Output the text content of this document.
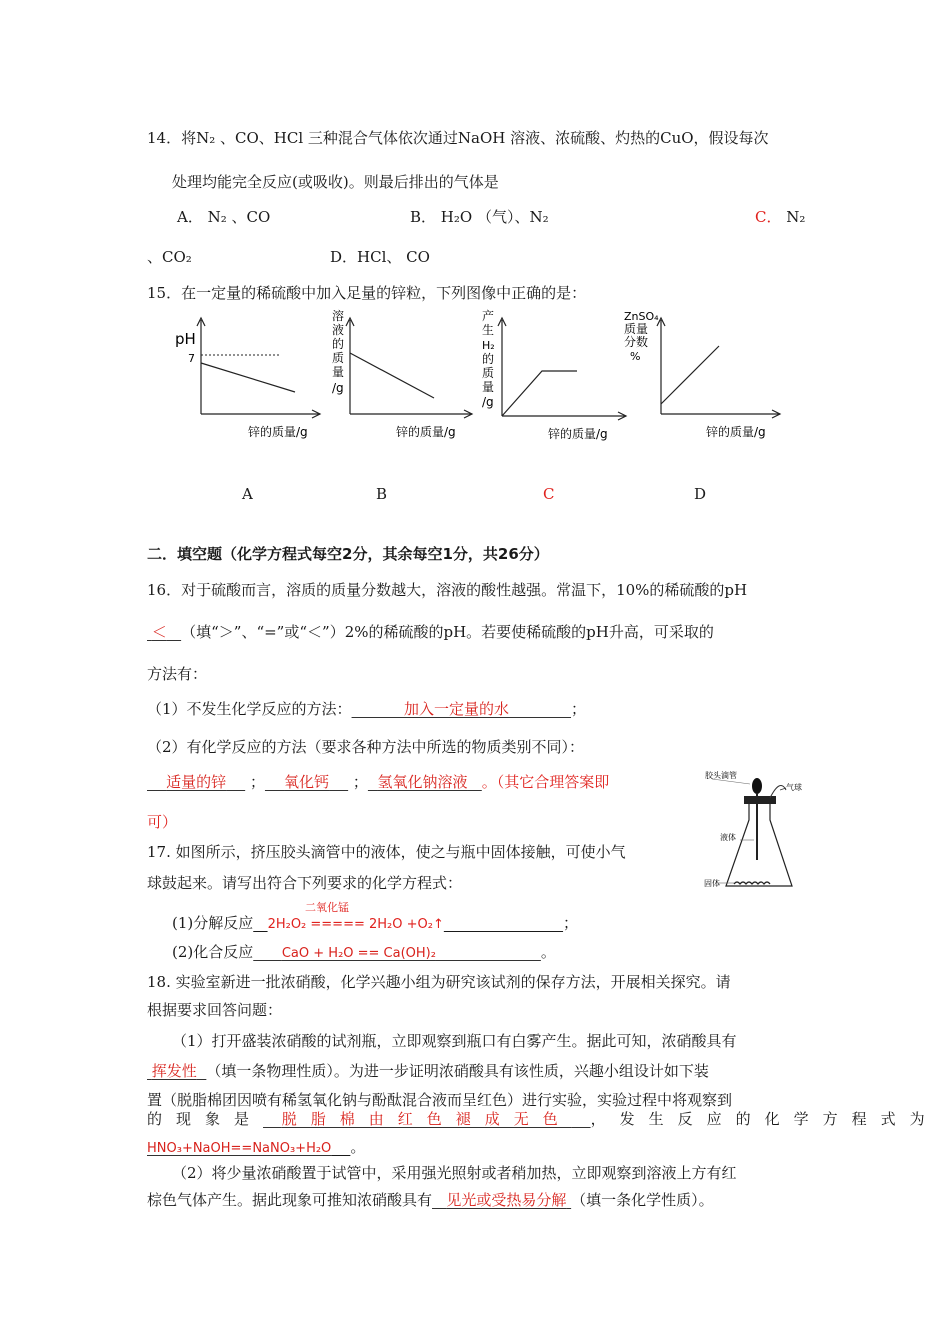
14．将N₂ 、CO、HCl 三种混合气体依次通过NaOH 溶液、浓硫酸、灼热的CuO，假设每次
处理均能完全反应(或吸收)。则最后排出的气体是
A． N₂ 、CO	B． H₂O （气）、N₂	C． N₂
、CO₂	D．HCl、 CO
15．在一定量的稀硫酸中加入足量的锌粒，下列图像中正确的是：
pH
7
锌的质量/g
溶
液
的
质
量
/g
锌的质量/g
产
生
H₂
的
质
量
/g
锌的质量/g
ZnSO₄
质量
分数
%
锌的质量/g
A	B	C	D
二．填空题（化学方程式每空2分，其余每空1分，共26分）
16．对于硫酸而言，溶质的质量分数越大，溶液的酸性越强。常温下，10%的稀硫酸的pH
＜ （填“＞”、“=”或“＜”）2%的稀硫酸的pH。若要使稀硫酸的pH升高，可采取的
方法有：
（1）不发生化学反应的方法：	加入一定量的水	；
（2）有化学反应的方法（要求各种方法中所选的物质类别不同）：
适量的锌     ； 氧化钙     ； 氢氧化钠溶液 。（其它合理答案即
可）
胶头滴管
气球
液体
固体
17. 如图所示，挤压胶头滴管中的液体，使之与瓶中固体接触，可使小气
球鼓起来。请写出符合下列要求的化学方程式：
二氧化锰
(1)分解反应 2H₂O₂ ===== 2H₂O +O₂↑	；
(2)化合反应 CaO + H₂O == Ca(OH)₂	。
18. 实验室新进一批浓硝酸，化学兴趣小组为研究该试剂的保存方法，开展相关探究。请
根据要求回答问题：
（1）打开盛装浓硝酸的试剂瓶，立即观察到瓶口有白雾产生。据此可知，浓硝酸具有
挥发性 （填一条物理性质）。为进一步证明浓硝酸具有该性质，兴趣小组设计如下装
置（脱脂棉团因喷有稀氢氧化钠与酚酞混合液而呈红色）进行实验，实验过程中将观察到
的现象是 脱脂棉由红色褪成无色 ，发生反应的化学方程式为
HNO₃+NaOH==NaNO₃+H₂O 。
（2）将少量浓硝酸置于试管中，采用强光照射或者稍加热，立即观察到溶液上方有红
棕色气体产生。据此现象可推知浓硝酸具有 见光或受热易分解 （填一条化学性质）。
